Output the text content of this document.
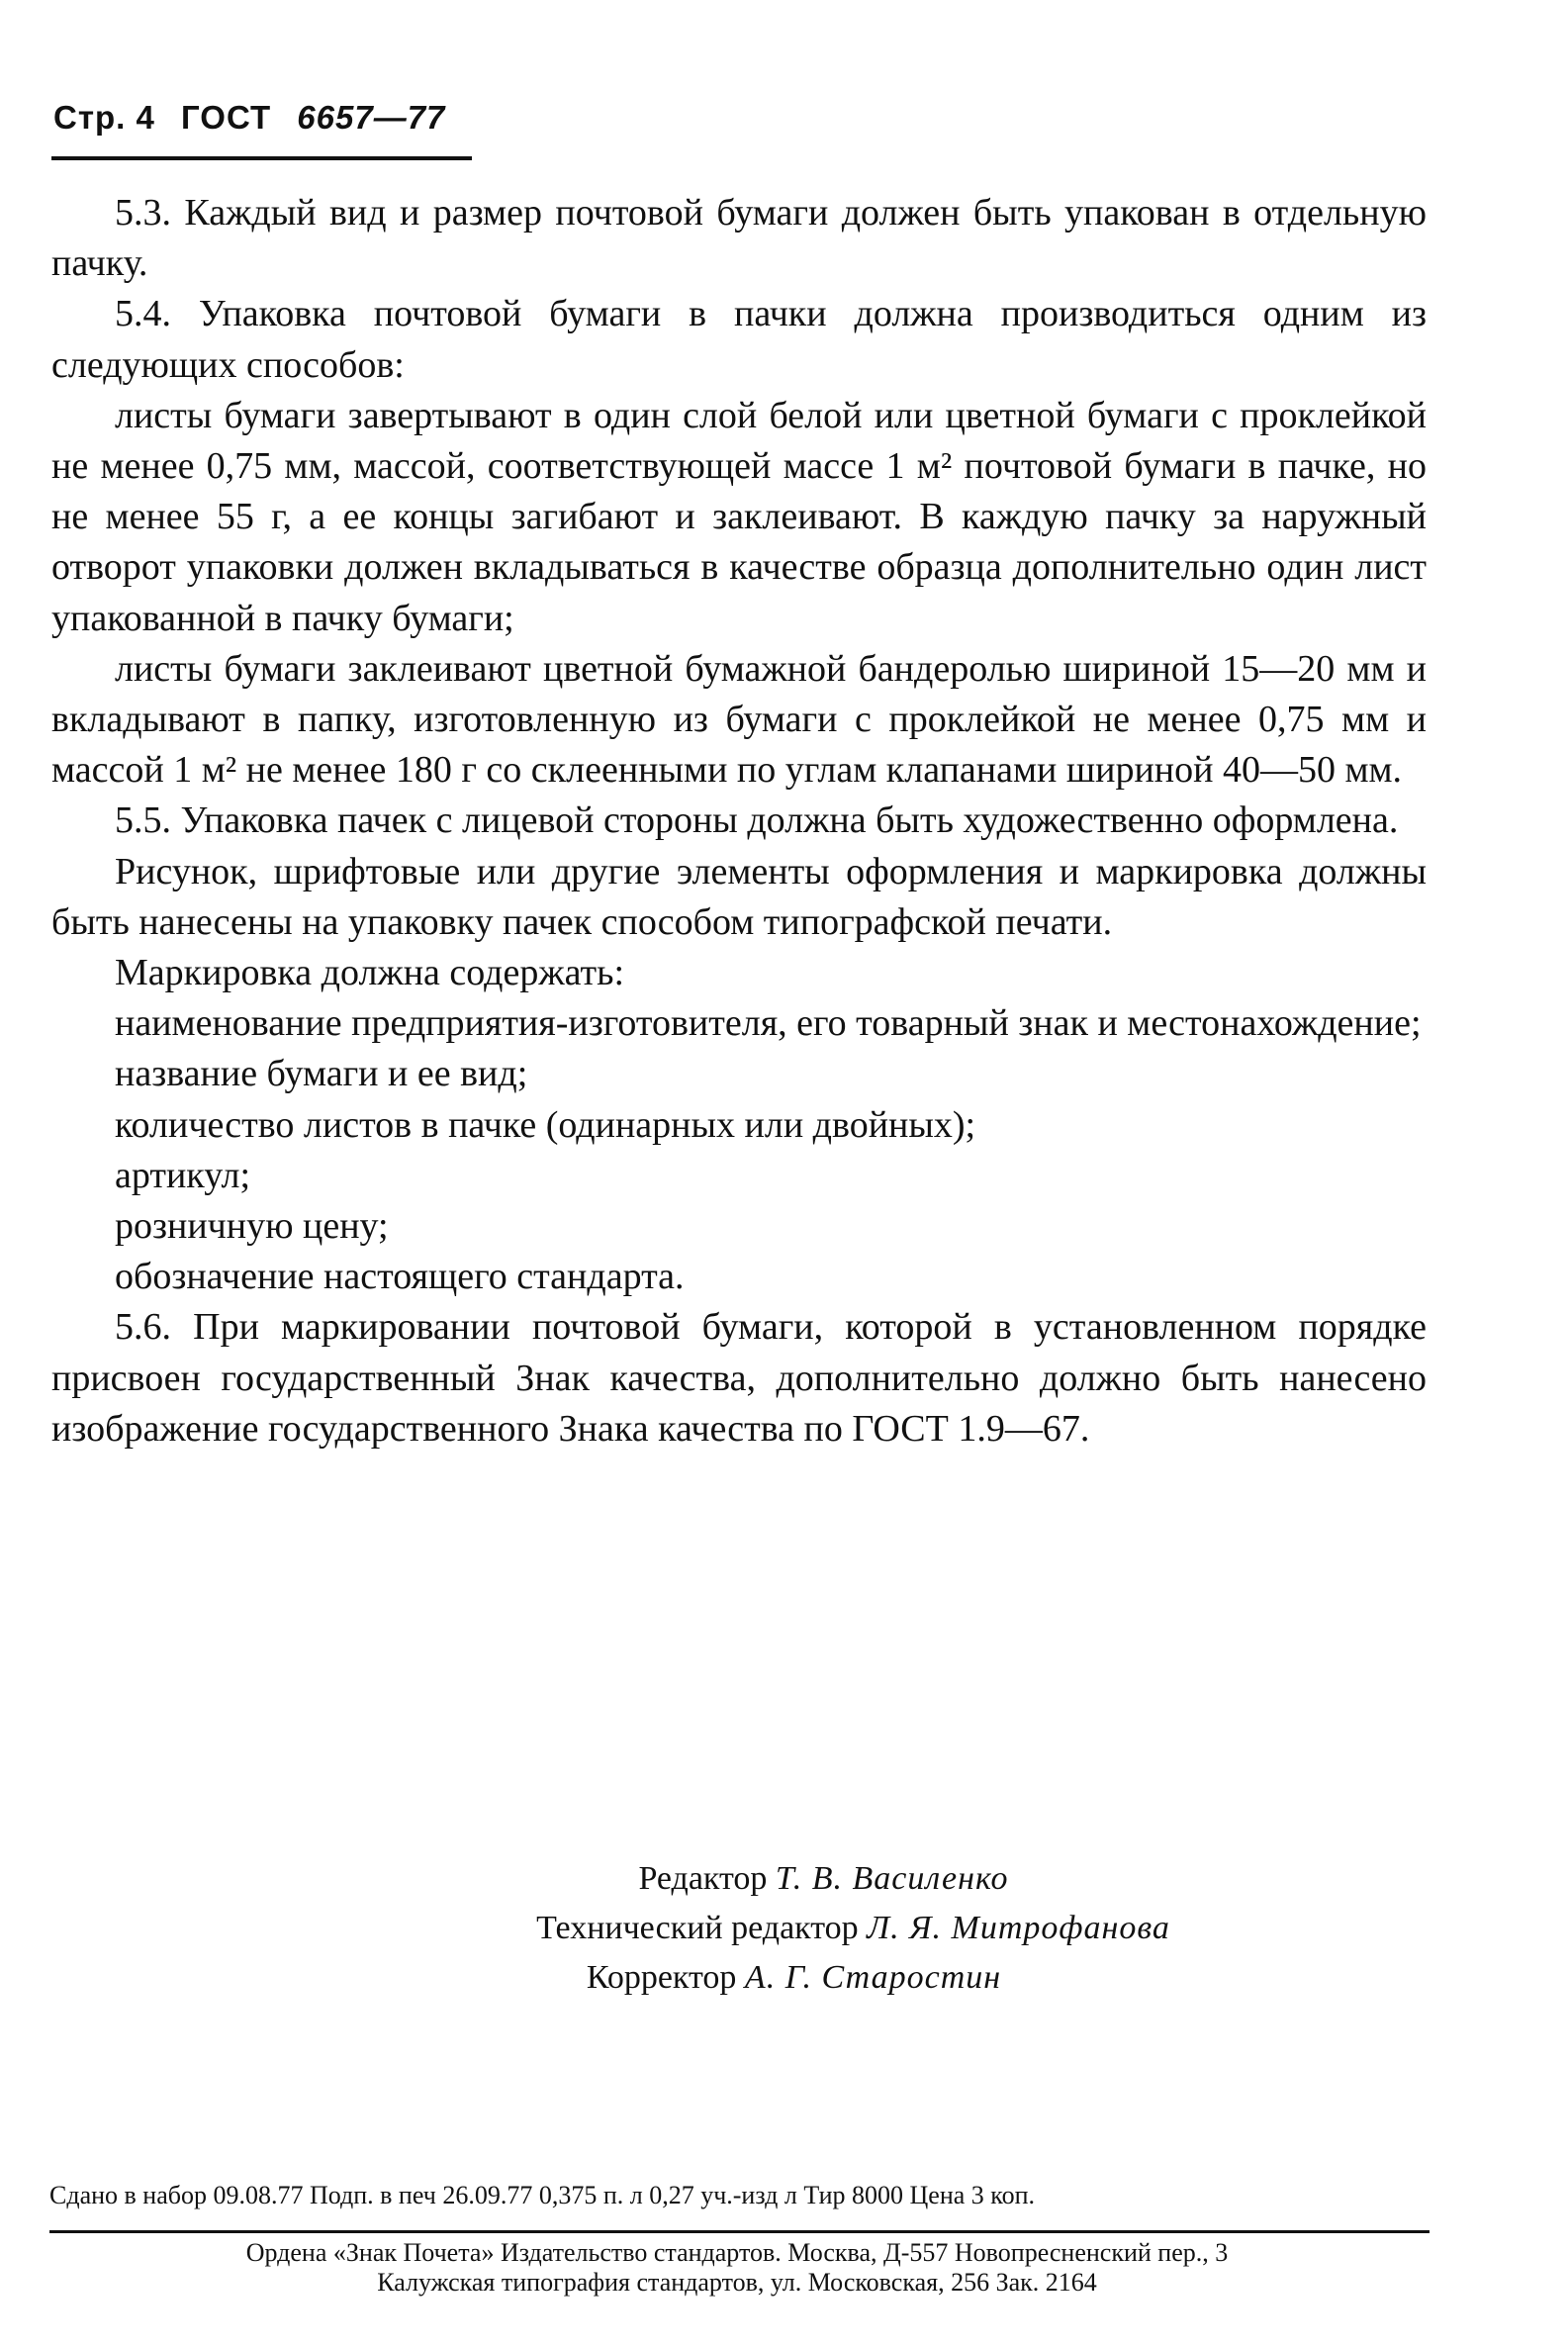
Стр. 4 ГОСТ 6657—77

5.3. Каждый вид и размер почтовой бумаги должен быть упакован в отдельную пачку.

5.4. Упаковка почтовой бумаги в пачки должна производиться одним из следующих способов:

листы бумаги завертывают в один слой белой или цветной бумаги с проклейкой не менее 0,75 мм, массой, соответствующей массе 1 м² почтовой бумаги в пачке, но не менее 55 г, а ее концы загибают и заклеивают. В каждую пачку за наружный отворот упаковки должен вкладываться в качестве образца дополнительно один лист упакованной в пачку бумаги;

листы бумаги заклеивают цветной бумажной бандеролью шириной 15—20 мм и вкладывают в папку, изготовленную из бумаги с проклейкой не менее 0,75 мм и массой 1 м² не менее 180 г со склеенными по углам клапанами шириной 40—50 мм.

5.5. Упаковка пачек с лицевой стороны должна быть художественно оформлена.

Рисунок, шрифтовые или другие элементы оформления и маркировка должны быть нанесены на упаковку пачек способом типографской печати.

Маркировка должна содержать:

наименование предприятия-изготовителя, его товарный знак и местонахождение;

название бумаги и ее вид;

количество листов в пачке (одинарных или двойных);

артикул;

розничную цену;

обозначение настоящего стандарта.

5.6. При маркировании почтовой бумаги, которой в установленном порядке присвоен государственный Знак качества, дополнительно должно быть нанесено изображение государственного Знака качества по ГОСТ 1.9—67.

Редактор Т. В. Василенко
Технический редактор Л. Я. Митрофанова
Корректор А. Г. Старостин
Сдано в набор 09.08.77 Подп. в печ 26.09.77 0,375 п. л 0,27 уч.-изд л Тир 8000 Цена 3 коп.
Ордена «Знак Почета» Издательство стандартов. Москва, Д-557 Новопресненский пер., 3
Калужская типография стандартов, ул. Московская, 256 Зак. 2164
